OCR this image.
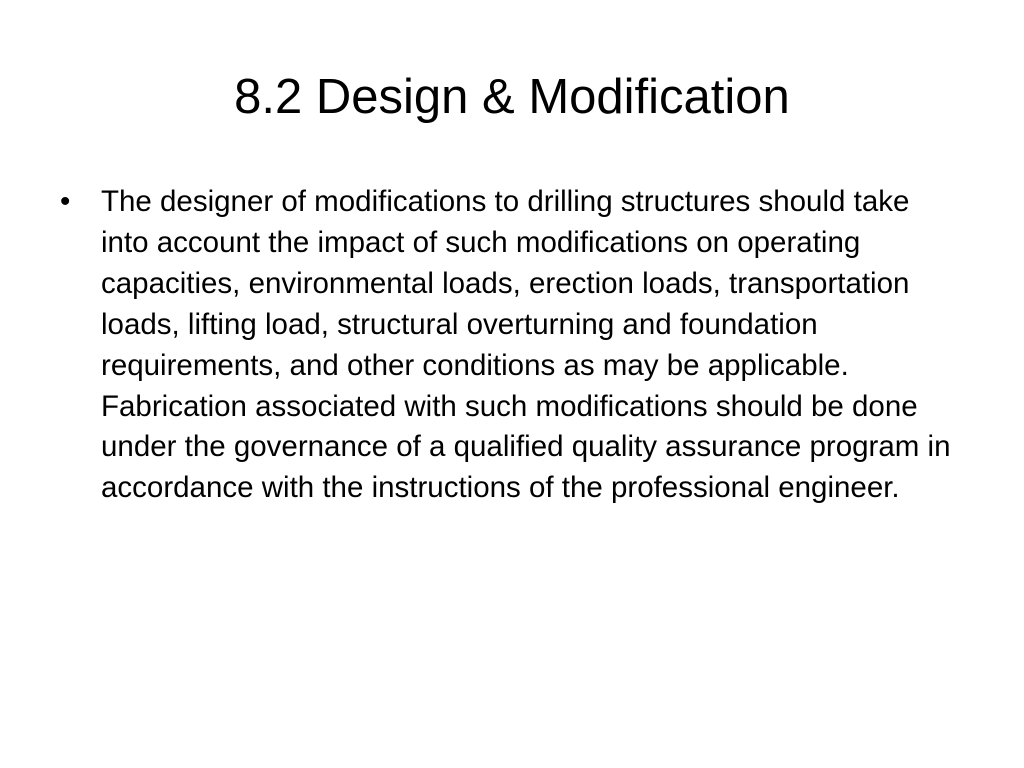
8.2 Design & Modification
•	The designer of modifications to drilling structures should take into account the impact of such modifications on operating capacities, environmental loads, erection loads, transportation loads, lifting load, structural overturning and foundation requirements, and other conditions as may be applicable. Fabrication associated with such modifications should be done under the governance of a qualified quality assurance program in accordance with the instructions of the professional engineer.
